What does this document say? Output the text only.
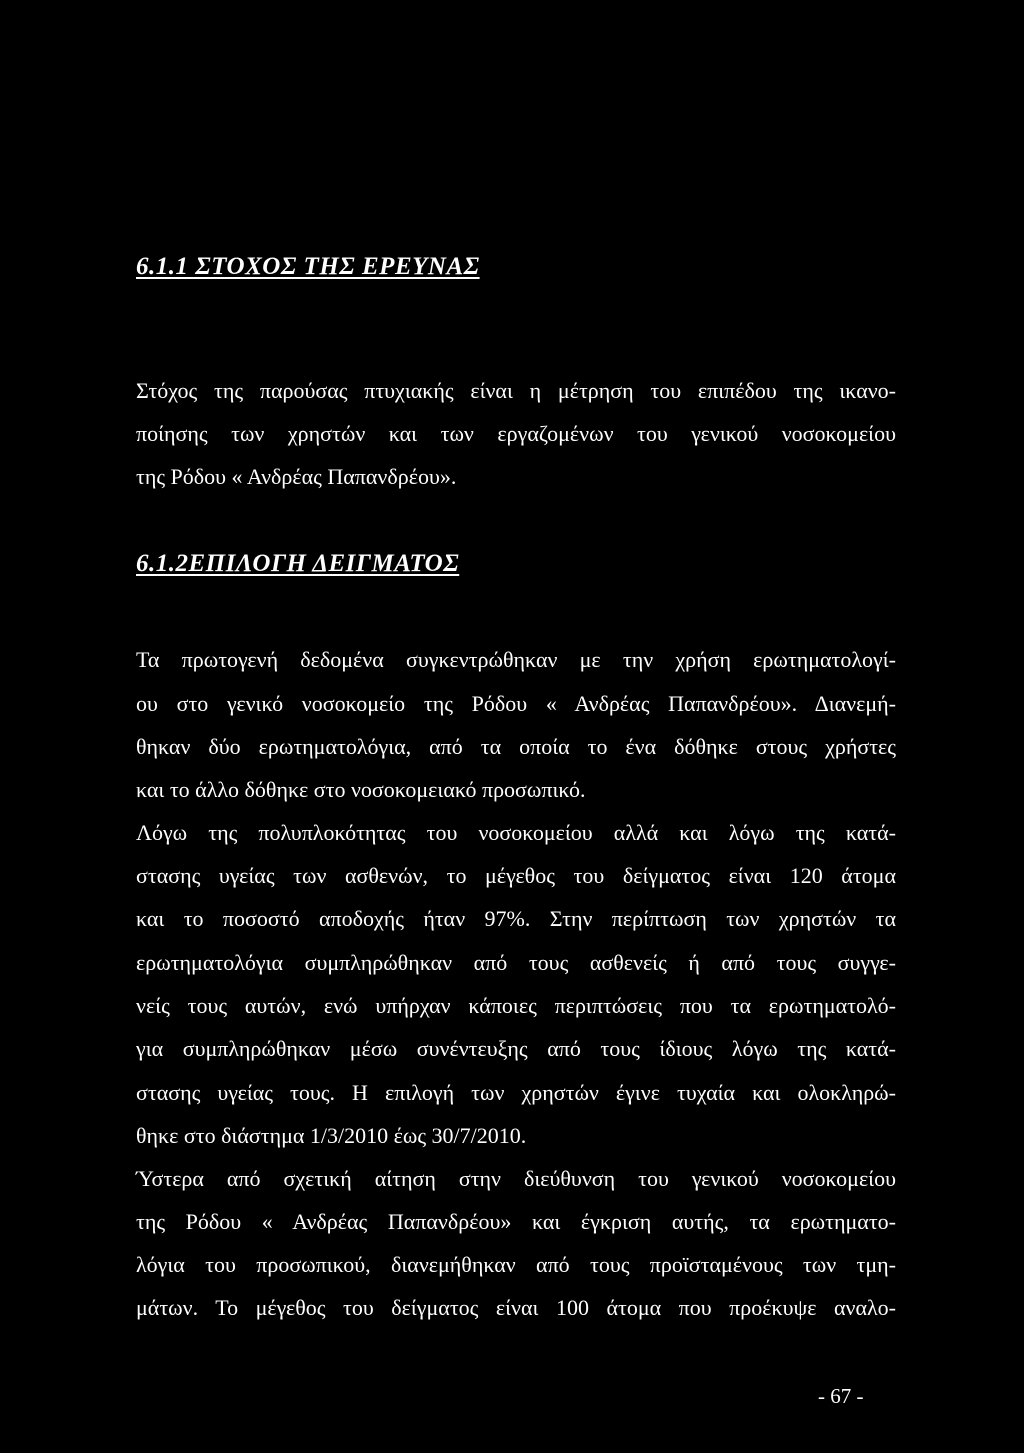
6.1.1 ΣΤΟΧΟΣ ΤΗΣ ΕΡΕΥΝΑΣ

Στόχος της παρούσας πτυχιακής είναι η μέτρηση του επιπέδου της ικανο-

ποίησης των χρηστών και των εργαζομένων του γενικού νοσοκομείου

της Ρόδου « Ανδρέας Παπανδρέου».

6.1.2ΕΠΙΛΟΓΗ ΔΕΙΓΜΑΤΟΣ

Τα πρωτογενή δεδομένα συγκεντρώθηκαν με την χρήση ερωτηματολογί-

ου στο γενικό νοσοκομείο της Ρόδου « Ανδρέας Παπανδρέου». Διανεμή-

θηκαν δύο ερωτηματολόγια, από τα οποία το ένα δόθηκε στους χρήστες

και το άλλο δόθηκε στο νοσοκομειακό προσωπικό.

Λόγω της πολυπλοκότητας του νοσοκομείου αλλά και λόγω της κατά-

στασης υγείας των ασθενών, το μέγεθος του δείγματος είναι 120 άτομα

και το ποσοστό αποδοχής ήταν 97%. Στην περίπτωση των χρηστών τα

ερωτηματολόγια συμπληρώθηκαν από τους ασθενείς ή από τους συγγε-

νείς τους αυτών, ενώ υπήρχαν κάποιες περιπτώσεις που τα ερωτηματολό-

για συμπληρώθηκαν μέσω συνέντευξης από τους ίδιους λόγω της κατά-

στασης υγείας τους. Η επιλογή των χρηστών έγινε τυχαία και ολοκληρώ-

θηκε στο διάστημα 1/3/2010 έως 30/7/2010.

Ύστερα από σχετική αίτηση στην διεύθυνση του γενικού νοσοκομείου

της Ρόδου « Ανδρέας Παπανδρέου» και έγκριση αυτής, τα ερωτηματο-

λόγια του προσωπικού, διανεμήθηκαν από τους προϊσταμένους των τμη-

μάτων. Το μέγεθος του δείγματος είναι 100 άτομα που προέκυψε αναλο-

- 67 -
